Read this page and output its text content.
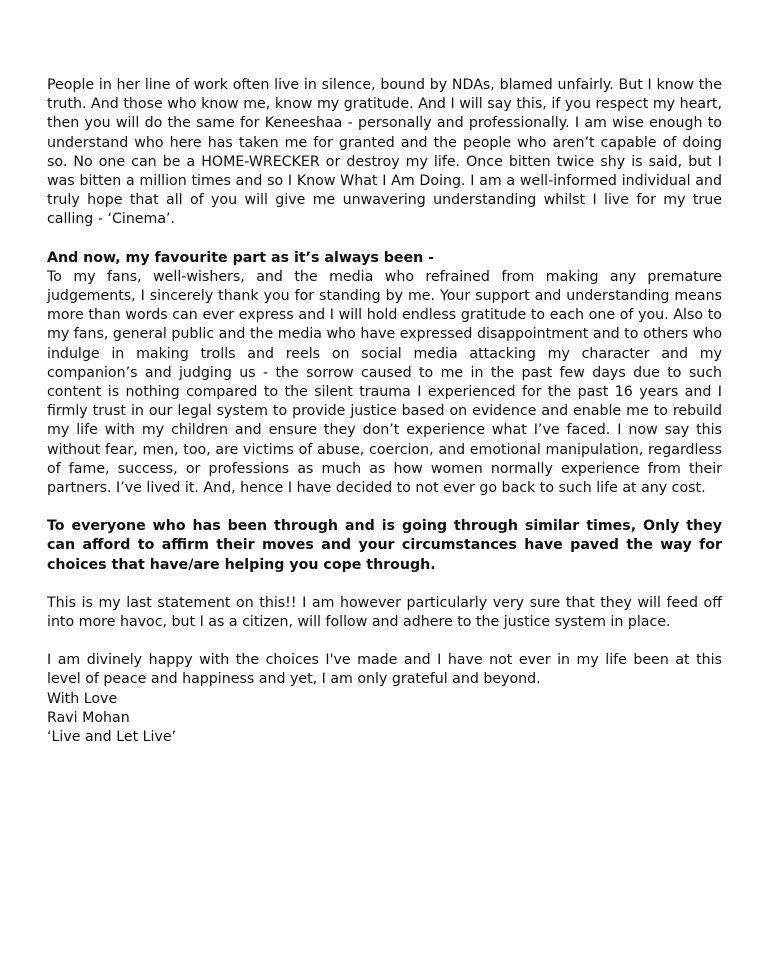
People in her line of work often live in silence, bound by NDAs, blamed unfairly. But I know the truth. And those who know me, know my gratitude. And I will say this, if you respect my heart, then you will do the same for Keneeshaa - personally and professionally. I am wise enough to understand who here has taken me for granted and the people who aren’t capable of doing so. No one can be a HOME-WRECKER or destroy my life. Once bitten twice shy is said, but I was bitten a million times and so I Know What I Am Doing. I am a well-informed individual and truly hope that all of you will give me unwavering understanding whilst I live for my true calling - ‘Cinema’.

And now, my favourite part as it’s always been -

To my fans, well-wishers, and the media who refrained from making any premature judgements, I sincerely thank you for standing by me. Your support and understanding means more than words can ever express and I will hold endless gratitude to each one of you. Also to my fans, general public and the media who have expressed disappointment and to others who indulge in making trolls and reels on social media attacking my character and my companion’s and judging us - the sorrow caused to me in the past few days due to such content is nothing compared to the silent trauma I experienced for the past 16 years and I firmly trust in our legal system to provide justice based on evidence and enable me to rebuild my life with my children and ensure they don’t experience what I’ve faced. I now say this without fear, men, too, are victims of abuse, coercion, and emotional manipulation, regardless of fame, success, or professions as much as how women normally experience from their partners. I’ve lived it. And, hence I have decided to not ever go back to such life at any cost.

To everyone who has been through and is going through similar times, Only they can afford to affirm their moves and your circumstances have paved the way for choices that have/are helping you cope through.

This is my last statement on this!! I am however particularly very sure that they will feed off into more havoc, but I as a citizen, will follow and adhere to the justice system in place.

I am divinely happy with the choices I've made and I have not ever in my life been at this level of peace and happiness and yet, I am only grateful and beyond.

With Love

Ravi Mohan

‘Live and Let Live’
